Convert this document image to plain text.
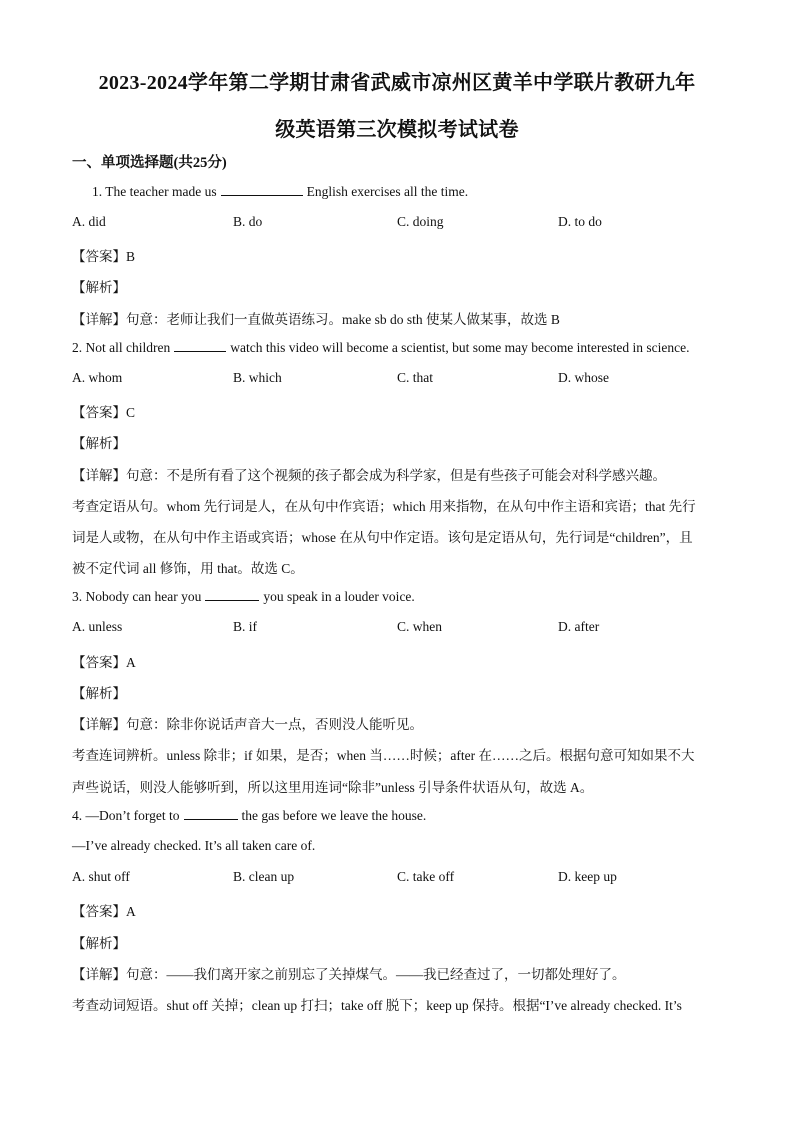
2023-2024学年第二学期甘肃省武威市凉州区黄羊中学联片教研九年
级英语第三次模拟考试试卷
一、单项选择题(共25分)
1. The teacher made us	English exercises all the time.
A. did	B. do	C. doing	D. to do
【答案】B
【解析】
【详解】句意：老师让我们一直做英语练习。make sb do sth 使某人做某事，故选 B
2. Not all children	watch this video will become a scientist, but some may become interested in science.
A. whom	B. which	C. that	D. whose
【答案】C
【解析】
【详解】句意：不是所有看了这个视频的孩子都会成为科学家，但是有些孩子可能会对科学感兴趣。
考查定语从句。whom 先行词是人，在从句中作宾语；which 用来指物，在从句中作主语和宾语；that 先行
词是人或物，在从句中作主语或宾语；whose 在从句中作定语。该句是定语从句，先行词是“children”，且
被不定代词 all 修饰，用 that。故选 C。
3. Nobody can hear you	you speak in a louder voice.
A. unless	B. if	C. when	D. after
【答案】A
【解析】
【详解】句意：除非你说话声音大一点，否则没人能听见。
考查连词辨析。unless 除非；if 如果，是否；when 当……时候；after 在……之后。根据句意可知如果不大
声些说话，则没人能够听到，所以这里用连词“除非”unless 引导条件状语从句，故选 A。
4. —Don’t forget to	the gas before we leave the house.
—I’ve already checked. It’s all taken care of.
A. shut off	B. clean up	C. take off	D. keep up
【答案】A
【解析】
【详解】句意：——我们离开家之前别忘了关掉煤气。——我已经查过了，一切都处理好了。
考查动词短语。shut off 关掉；clean up 打扫；take off 脱下；keep up 保持。根据“I’ve already checked. It’s
